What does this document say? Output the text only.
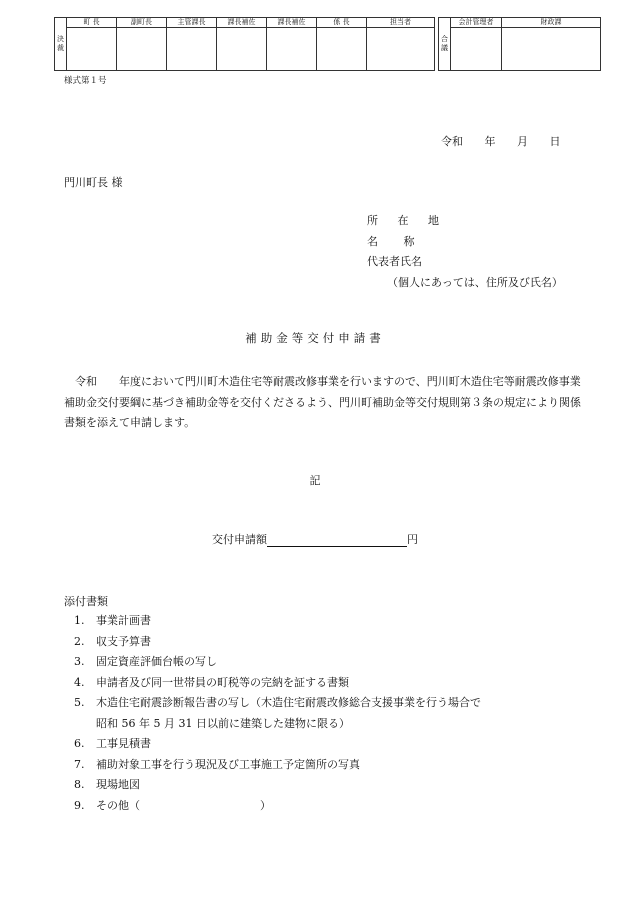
決裁	町 長	副町長	主管課長	課長補佐	課長補佐	係 長	担当者		合議	会計管理者	財政課

様式第１号
令和 年 月 日
門川町長 様
所 在 地
名 称
代表者氏名
（個人にあっては、住所及び氏名）
補助金等交付申請書
令和　　年度において門川町木造住宅等耐震改修事業を行いますので、門川町木造住宅等耐震改修事業補助金交付要綱に基づき補助金等を交付くださるよう、門川町補助金等交付規則第３条の規定により関係書類を添えて申請します。
記
交付申請額	円
添付書類
1. 事業計画書
2. 収支予算書
3. 固定資産評価台帳の写し
4. 申請者及び同一世帯員の町税等の完納を証する書類
5. 木造住宅耐震診断報告書の写し（木造住宅耐震改修総合支援事業を行う場合で
昭和 56 年 5 月 31 日以前に建築した建物に限る）
6. 工事見積書
7. 補助対象工事を行う現況及び工事施工予定箇所の写真
8. 現場地図
9. その他（	）
